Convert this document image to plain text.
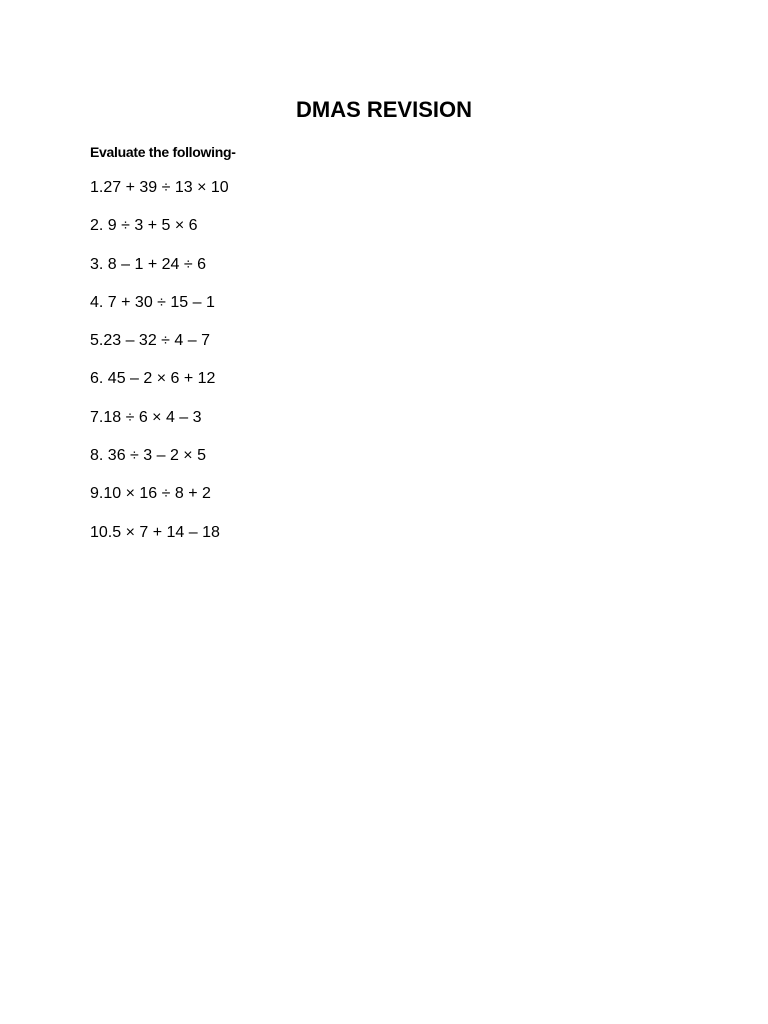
DMAS REVISION
Evaluate the following-
1.27 + 39 ÷ 13 × 10
2. 9 ÷ 3 + 5 × 6
3. 8 – 1 + 24 ÷ 6
4. 7 + 30 ÷ 15 – 1
5.23 – 32 ÷ 4 – 7
6. 45 – 2 × 6 + 12
7.18 ÷ 6 × 4 – 3
8. 36 ÷ 3 – 2 × 5
9.10 × 16 ÷ 8 + 2
10.5 × 7 + 14 – 18
